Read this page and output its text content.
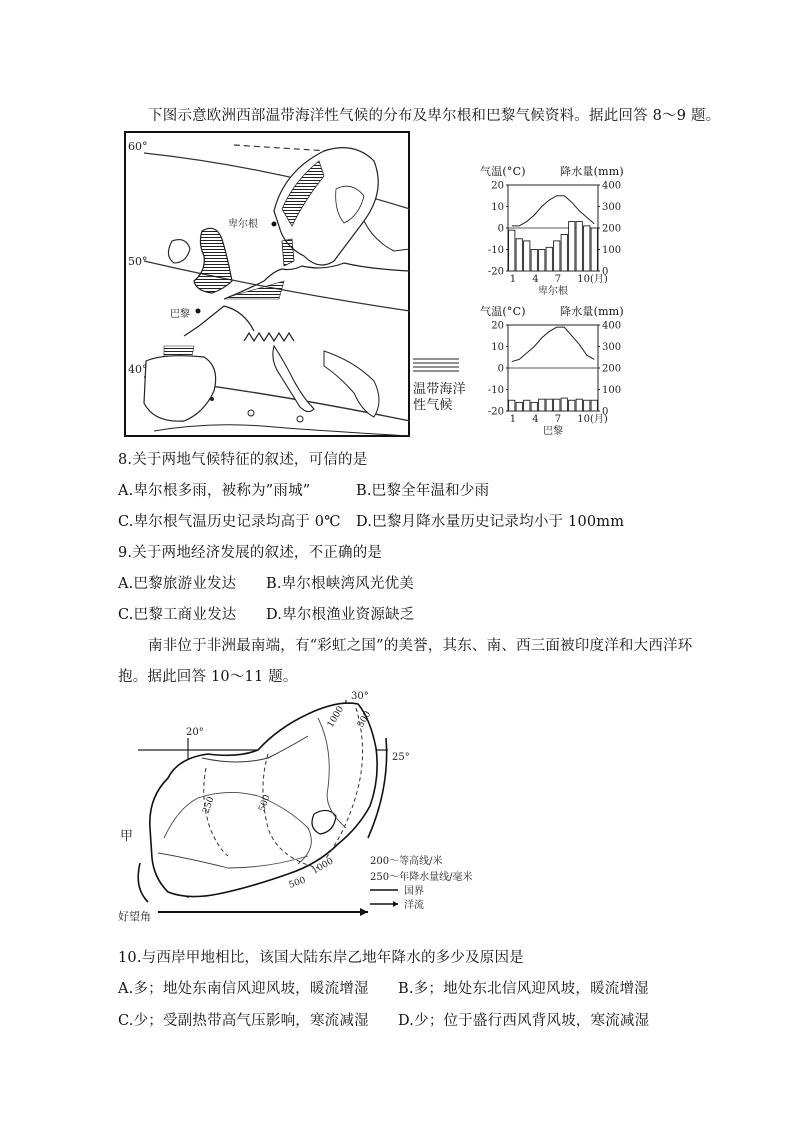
下图示意欧洲西部温带海洋性气候的分布及卑尔根和巴黎气候资料。据此回答 8～9 题。
60°
50°
40°
卑尔根
巴黎
温带海洋
性气候
气温(°C)	降水量(mm)
20
10
0
-10
-20
400
300
200
100
0
1 4 7 10(月)
卑尔根
气温(°C)	降水量(mm)
20
10
0
-10
-20
400
300
200
100
0
1 4 7 10(月)
巴黎
8.关于两地气候特征的叙述，可信的是
A.卑尔根多雨，被称为”雨城”	B.巴黎全年温和少雨
C.卑尔根气温历史记录均高于 0℃ D.巴黎月降水量历史记录均小于 100mm
9.关于两地经济发展的叙述，不正确的是
A.巴黎旅游业发达 B.卑尔根峡湾风光优美
C.巴黎工商业发达 D.卑尔根渔业资源缺乏
南非位于非洲最南端，有“彩虹之国”的美誉，其东、南、西三面被印度洋和大西洋环
抱。据此回答 10～11 题。
20°
30°
25°
甲
好望角
1000 500
250	500
1000
500
200～等高线/米
250～年降水量线/毫米
国界
洋流
10.与西岸甲地相比，该国大陆东岸乙地年降水的多少及原因是
A.多；地处东南信风迎风坡，暖流增湿 B.多；地处东北信风迎风坡，暖流增湿
C.少；受副热带高气压影响，寒流减湿 D.少；位于盛行西风背风坡，寒流减湿
